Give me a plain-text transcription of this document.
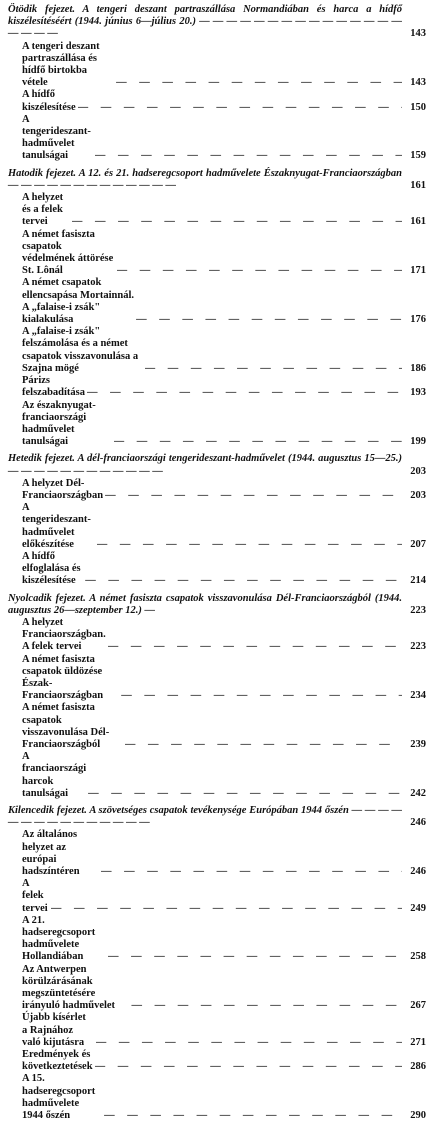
Ötödik fejezet. A tengeri deszant partraszállása Normandiában és harca a hídfő kiszélesítéséért (1944. június 6—július 20.) — — — — — — — — — — — — — — — — — — —	143
A tengeri deszant partraszállása és hídfő birtokba vétele — — —	143
A hídfő kiszélesítése — — —	150
A tengerideszant-hadművelet tanulságai — — —	159
Hatodik fejezet. A 12. és 21. hadseregcsoport hadművelete Északnyugat-Franciaországban — — — — — — — — — — — — —	161
A helyzet és a felek tervei — — —	161
A német fasiszta csapatok védelmének áttörése St. Lônál — — —	171
A német csapatok ellencsapása Mortainnál. A „falaise-i zsák" kialakulása — — —	176
A „falaise-i zsák" felszámolása és a német csapatok visszavonulása a Szajna mögé — — —	186
Párizs felszabadítása — — —	193
Az északnyugat-franciaországi hadművelet tanulságai — — —	199
Hetedik fejezet. A dél-franciaországi tengerideszant-hadművelet (1944. augusztus 15—25.) — — — — — — — — — — — —	203
A helyzet Dél-Franciaországban — — —	203
A tengerideszant-hadművelet előkészítése — — —	207
A hídfő elfoglalása és kiszélesítése — — —	214
Nyolcadik fejezet. A német fasiszta csapatok visszavonulása Dél-Franciaországból (1944. augusztus 26—szeptember 12.) —	223
A helyzet Franciaországban. A felek tervei — — —	223
A német fasiszta csapatok üldözése Észak-Franciaországban — — —	234
A német fasiszta csapatok visszavonulása Dél-Franciaországból — — —	239
A franciaországi harcok tanulságai — — —	242
Kilencedik fejezet. A szövetséges csapatok tevékenysége Európában 1944 őszén — — — — — — — — — — — — — — —	246
Az általános helyzet az európai hadszíntéren — — —	246
A felek tervei — — —	249
A 21. hadseregcsoport hadművelete Hollandiában — — —	258
Az Antwerpen körülzárásának megszüntetésére irányuló hadművelet — — —	267
Újabb kísérlet a Rajnához való kijutásra — — —	271
Eredmények és következtetések — — —	286
A 15. hadseregcsoport hadművelete 1944 őszén — — —	290
